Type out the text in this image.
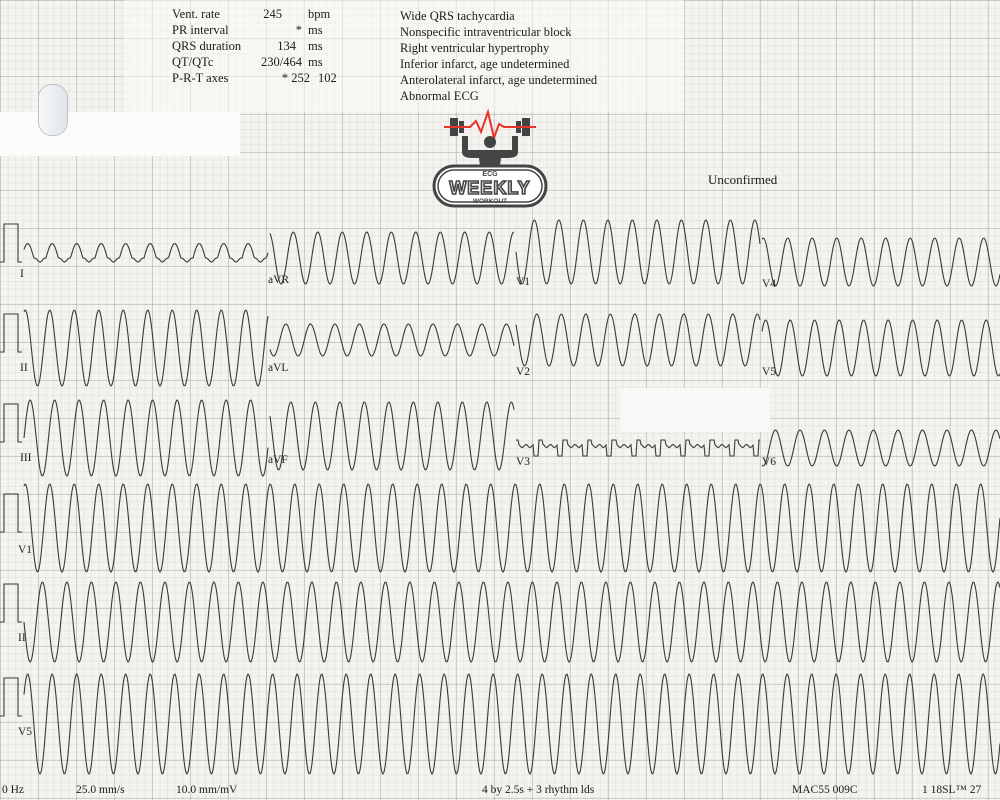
Vent. rate	245 bpm
PR interval	* ms
QRS duration	134 ms
QT/QTc	230/464 ms
P-R-T axes	* 252 102
Wide QRS tachycardia
Nonspecific intraventricular block
Right ventricular hypertrophy
Inferior infarct, age undetermined
Anterolateral infarct, age undetermined
Abnormal ECG
Unconfirmed
ECG
WEEKLY
WORKOUT
I	aVR	V1	V4
II	aVL	V2	V5
III	aVF	V3	V6
V1
II
V5
0 Hz	25.0 mm/s	10.0 mm/mV	4 by 2.5s + 3 rhythm lds	MAC55 009C	1 18SL™ 27
